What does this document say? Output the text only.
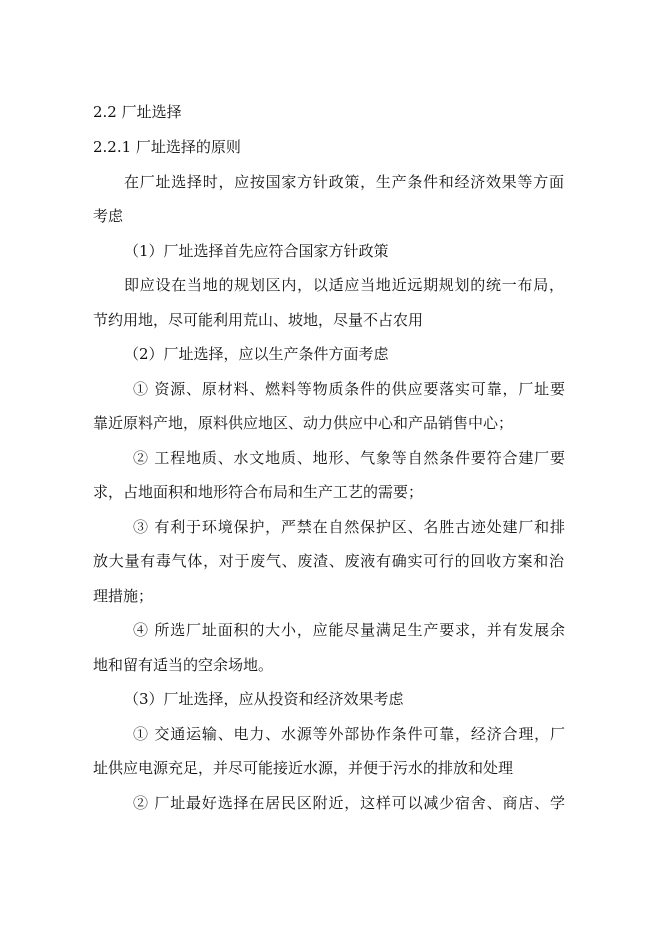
2.2 厂址选择
2.2.1 厂址选择的原则
在厂址选择时，应按国家方针政策，生产条件和经济效果等方面
考虑
（1）厂址选择首先应符合国家方针政策
即应设在当地的规划区内，以适应当地近远期规划的统一布局，
节约用地，尽可能利用荒山、坡地，尽量不占农用
（2）厂址选择，应以生产条件方面考虑
① 资源、原材料、燃料等物质条件的供应要落实可靠，厂址要
靠近原料产地，原料供应地区、动力供应中心和产品销售中心；
② 工程地质、水文地质、地形、气象等自然条件要符合建厂要
求，占地面积和地形符合布局和生产工艺的需要；
③ 有利于环境保护，严禁在自然保护区、名胜古迹处建厂和排
放大量有毒气体，对于废气、废渣、废液有确实可行的回收方案和治
理措施；
④ 所选厂址面积的大小，应能尽量满足生产要求，并有发展余
地和留有适当的空余场地。
（3）厂址选择，应从投资和经济效果考虑
① 交通运输、电力、水源等外部协作条件可靠，经济合理，厂
址供应电源充足，并尽可能接近水源，并便于污水的排放和处理
② 厂址最好选择在居民区附近，这样可以减少宿舍、商店、学
